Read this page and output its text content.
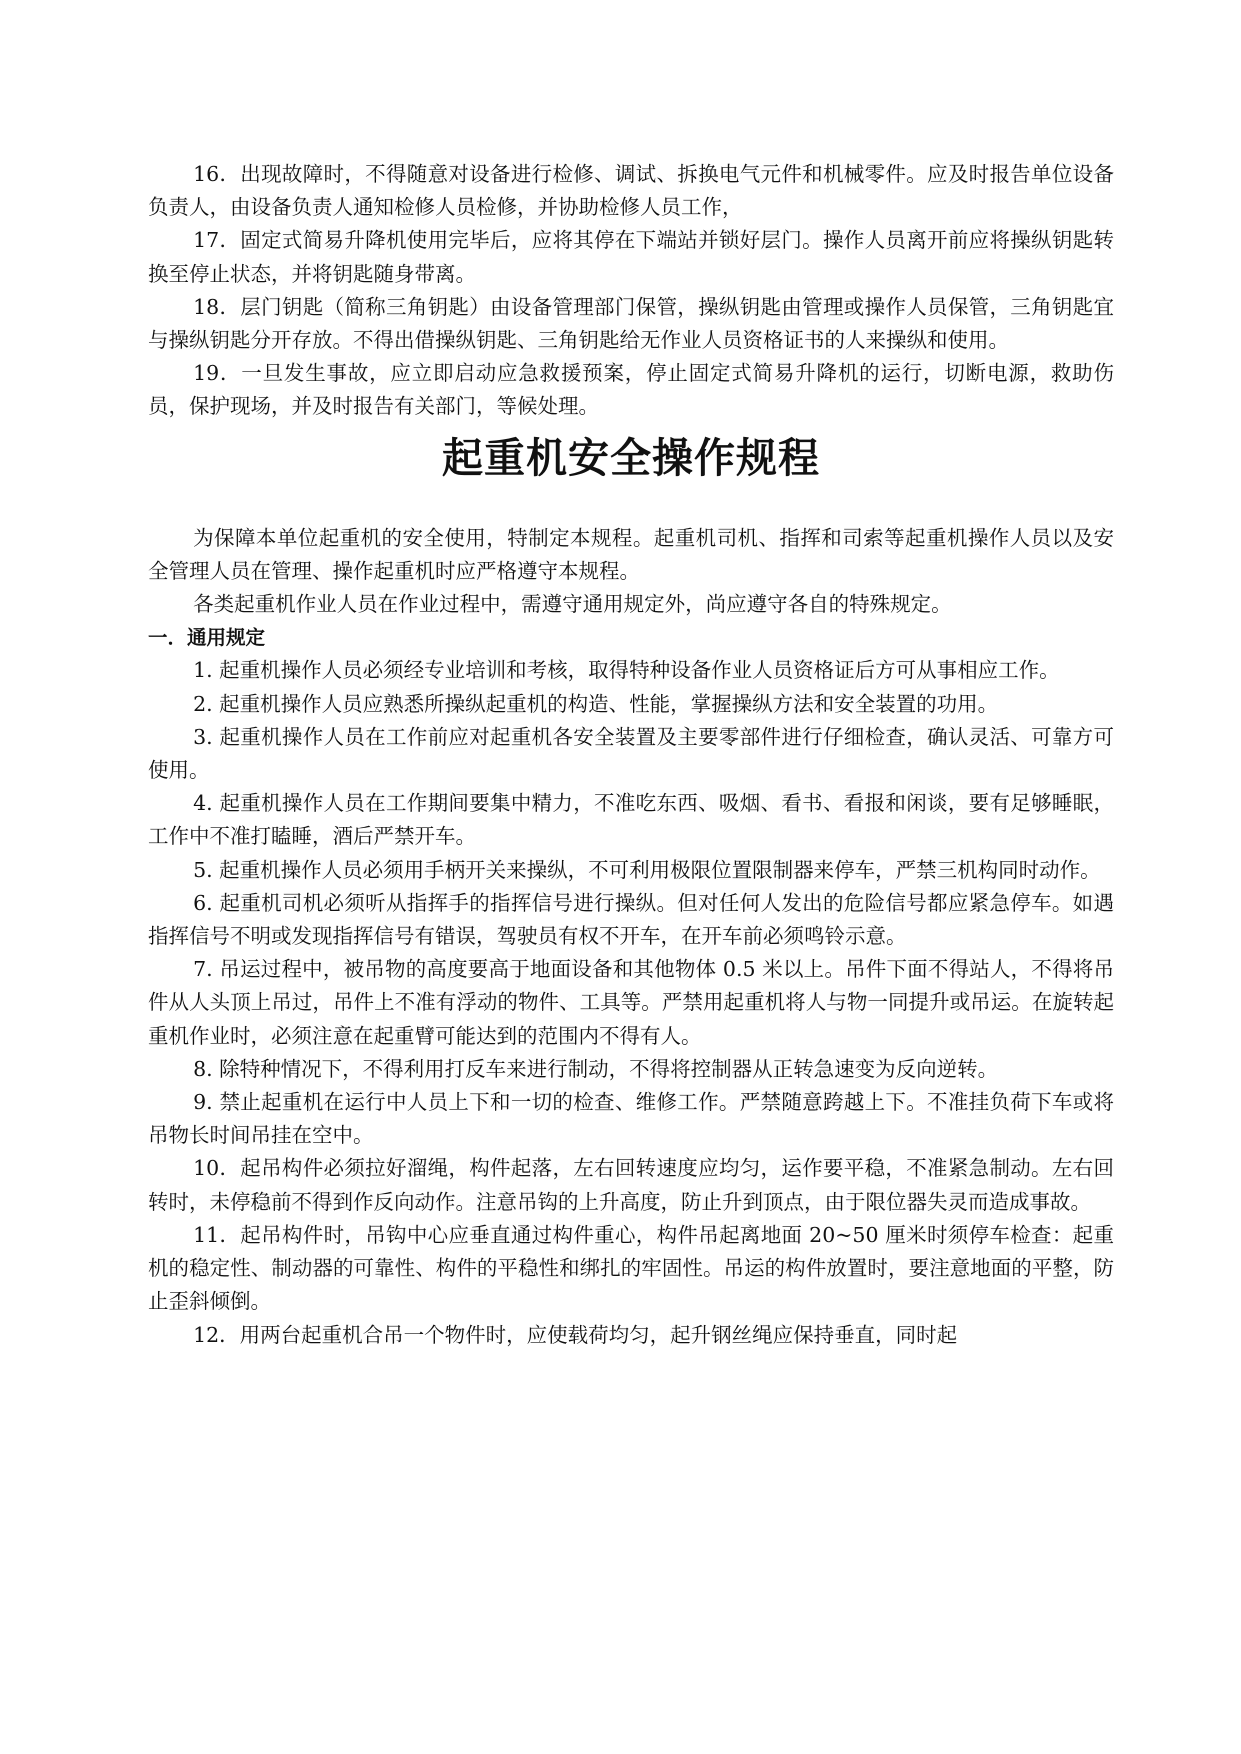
16．出现故障时，不得随意对设备进行检修、调试、拆换电气元件和机械零件。应及时报告单位设备负责人，由设备负责人通知检修人员检修，并协助检修人员工作，

17．固定式简易升降机使用完毕后，应将其停在下端站并锁好层门。操作人员离开前应将操纵钥匙转换至停止状态，并将钥匙随身带离。

18．层门钥匙（简称三角钥匙）由设备管理部门保管，操纵钥匙由管理或操作人员保管，三角钥匙宜与操纵钥匙分开存放。不得出借操纵钥匙、三角钥匙给无作业人员资格证书的人来操纵和使用。

19．一旦发生事故，应立即启动应急救援预案，停止固定式简易升降机的运行，切断电源，救助伤员，保护现场，并及时报告有关部门，等候处理。

起重机安全操作规程

为保障本单位起重机的安全使用，特制定本规程。起重机司机、指挥和司索等起重机操作人员以及安全管理人员在管理、操作起重机时应严格遵守本规程。

各类起重机作业人员在作业过程中，需遵守通用规定外，尚应遵守各自的特殊规定。

一．通用规定

1. 起重机操作人员必须经专业培训和考核，取得特种设备作业人员资格证后方可从事相应工作。

2. 起重机操作人员应熟悉所操纵起重机的构造、性能，掌握操纵方法和安全装置的功用。

3. 起重机操作人员在工作前应对起重机各安全装置及主要零部件进行仔细检查，确认灵活、可靠方可使用。

4. 起重机操作人员在工作期间要集中精力，不准吃东西、吸烟、看书、看报和闲谈，要有足够睡眠，工作中不准打瞌睡，酒后严禁开车。

5. 起重机操作人员必须用手柄开关来操纵，不可利用极限位置限制器来停车，严禁三机构同时动作。

6. 起重机司机必须听从指挥手的指挥信号进行操纵。但对任何人发出的危险信号都应紧急停车。如遇指挥信号不明或发现指挥信号有错误，驾驶员有权不开车，在开车前必须鸣铃示意。

7. 吊运过程中，被吊物的高度要高于地面设备和其他物体 0.5 米以上。吊件下面不得站人，不得将吊件从人头顶上吊过，吊件上不准有浮动的物件、工具等。严禁用起重机将人与物一同提升或吊运。在旋转起重机作业时，必须注意在起重臂可能达到的范围内不得有人。

8. 除特种情况下，不得利用打反车来进行制动，不得将控制器从正转急速变为反向逆转。

9. 禁止起重机在运行中人员上下和一切的检查、维修工作。严禁随意跨越上下。不准挂负荷下车或将吊物长时间吊挂在空中。

10．起吊构件必须拉好溜绳，构件起落，左右回转速度应均匀，运作要平稳，不准紧急制动。左右回转时，未停稳前不得到作反向动作。注意吊钩的上升高度，防止升到顶点，由于限位器失灵而造成事故。

11．起吊构件时，吊钩中心应垂直通过构件重心，构件吊起离地面 20~50 厘米时须停车检查：起重机的稳定性、制动器的可靠性、构件的平稳性和绑扎的牢固性。吊运的构件放置时，要注意地面的平整，防止歪斜倾倒。

12．用两台起重机合吊一个物件时，应使载荷均匀，起升钢丝绳应保持垂直，同时起
